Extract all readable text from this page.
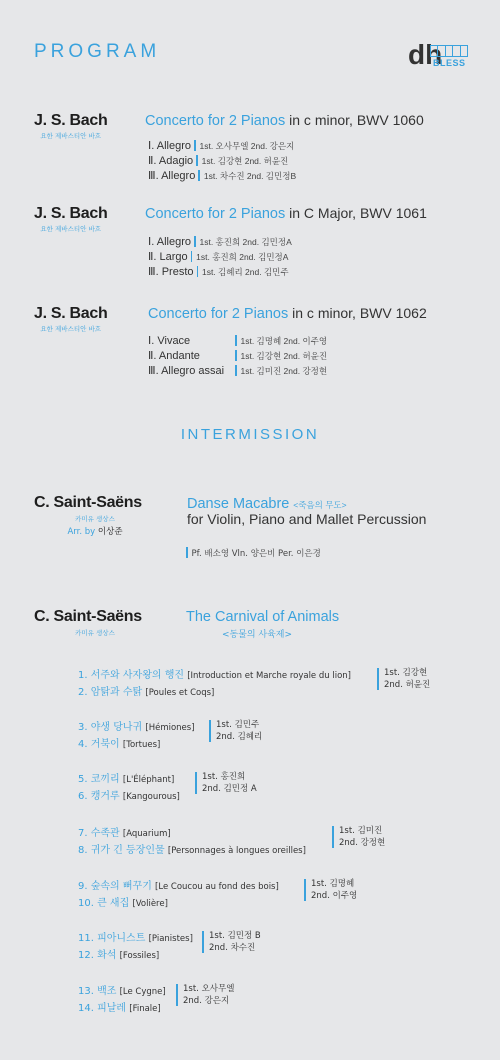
PROGRAM	dh
BLESS
J. S. Bach
요한 제바스티안 바흐
Concerto for 2 Pianos in c minor, BWV 1060
Ⅰ. Allegro 1st. 오사무엘 2nd. 강은지
Ⅱ. Adagio 1st. 김강현 2nd. 허윤진
Ⅲ. Allegro 1st. 차수진 2nd. 김민정B
J. S. Bach
요한 제바스티안 바흐
Concerto for 2 Pianos in C Major, BWV 1061
Ⅰ. Allegro 1st. 홍진희 2nd. 김민정A
Ⅱ. Largo 1st. 홍진희 2nd. 김민정A
Ⅲ. Presto 1st. 김혜리 2nd. 김민주
J. S. Bach
요한 제바스티안 바흐
Concerto for 2 Pianos in c minor, BWV 1062
Ⅰ. Vivace	1st. 김명혜 2nd. 이주영
Ⅱ. Andante	1st. 김강현 2nd. 허윤진
Ⅲ. Allegro assai 1st. 김미진 2nd. 강정현
INTERMISSION
C. Saint-Saëns
카미유 생상스
Arr. by 이상준
Danse Macabre <죽음의 무도>
for Violin, Piano and Mallet Percussion
Pf. 배소영 Vln. 양은비 Per. 이은경
C. Saint-Saëns
카미유 생상스
The Carnival of Animals
<동물의 사육제>
1. 서주와 사자왕의 행진 [Introduction et Marche royale du lion]
2. 암탉과 수탉 [Poules et Coqs]
1st. 김강현
2nd. 허윤진
3. 야생 당나귀 [Hémiones]
4. 거북이 [Tortues]
1st. 김민주
2nd. 김혜리
5. 코끼리 [L'Éléphant]
6. 캥거루 [Kangourous]
1st. 홍진희
2nd. 김민정 A
7. 수족관 [Aquarium]
8. 귀가 긴 등장인물 [Personnages à longues oreilles]
1st. 김미진
2nd. 강정현
9. 숲속의 뻐꾸기 [Le Coucou au fond des bois]
10. 큰 새집 [Volière]
1st. 김명혜
2nd. 이주영
11. 피아니스트 [Pianistes]
12. 화석 [Fossiles]
1st. 김민정 B
2nd. 차수진
13. 백조 [Le Cygne]
14. 피날레 [Finale]
1st. 오사무엘
2nd. 강은지
